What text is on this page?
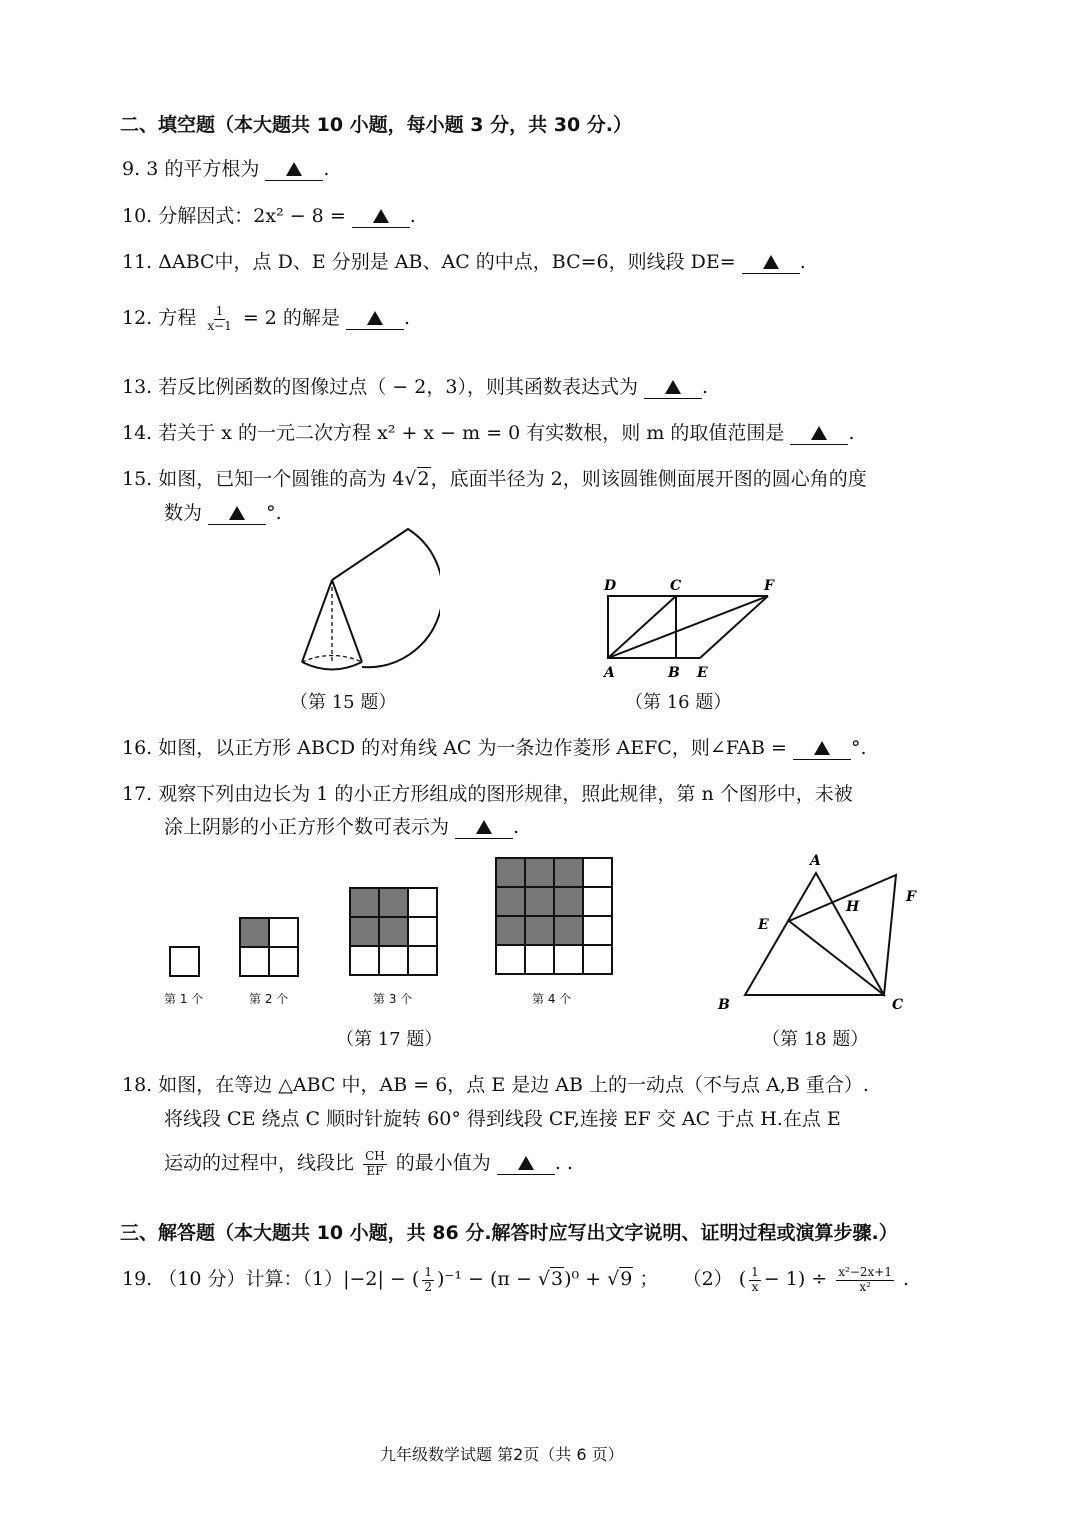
二、填空题（本大题共 10 小题，每小题 3 分，共 30 分.）
9. 3 的平方根为	.
10. 分解因式：2x² − 8 =	.
11. ΔABC中，点 D、E 分别是 AB、AC 的中点，BC=6，则线段 DE=	.
12. 方程 $\frac{1}{x-1} = 2$ 的解是	.
13. 若反比例函数的图像过点（ − 2，3），则其函数表达式为	.
14. 若关于 x 的一元二次方程 x² + x − m = 0 有实数根，则 m 的取值范围是	.
15. 如图，已知一个圆锥的高为 4√2，底面半径为 2，则该圆锥侧面展开图的圆心角的度
数为	°.
（第 15 题）
D	C	F
A	B E
（第 16 题）
16. 如图，以正方形 ABCD 的对角线 AC 为一条边作菱形 AEFC，则∠FAB =	°.
17. 观察下列由边长为 1 的小正方形组成的图形规律，照此规律，第 n 个图形中，未被
涂上阴影的小正方形个数可表示为	.
第 1 个	第 2 个	第 3 个	第 4 个
（第 17 题）
A
E
H
F
B	C
（第 18 题）
18. 如图，在等边 △ABC 中，AB = 6，点 E 是边 AB 上的一动点（不与点 A,B 重合）.
将线段 CE 绕点 C 顺时针旋转 60° 得到线段 CF,连接 EF 交 AC 于点 H.在点 E
运动的过程中，线段比 $\frac{CH}{EF}$ 的最小值为	. .
三、解答题（本大题共 10 小题，共 86 分.解答时应写出文字说明、证明过程或演算步骤.）
19. （10 分）计算：（1）|−2| − ( $\frac{1}{2} )^{-1} - (\pi - √3)^0 + √9$ ； （2） ( $\frac{1}{x} - 1) \div \frac{\text{x²−2x+1}}{\text{x²}}$ .
九年级数学试题 第2页（共 6 页）
